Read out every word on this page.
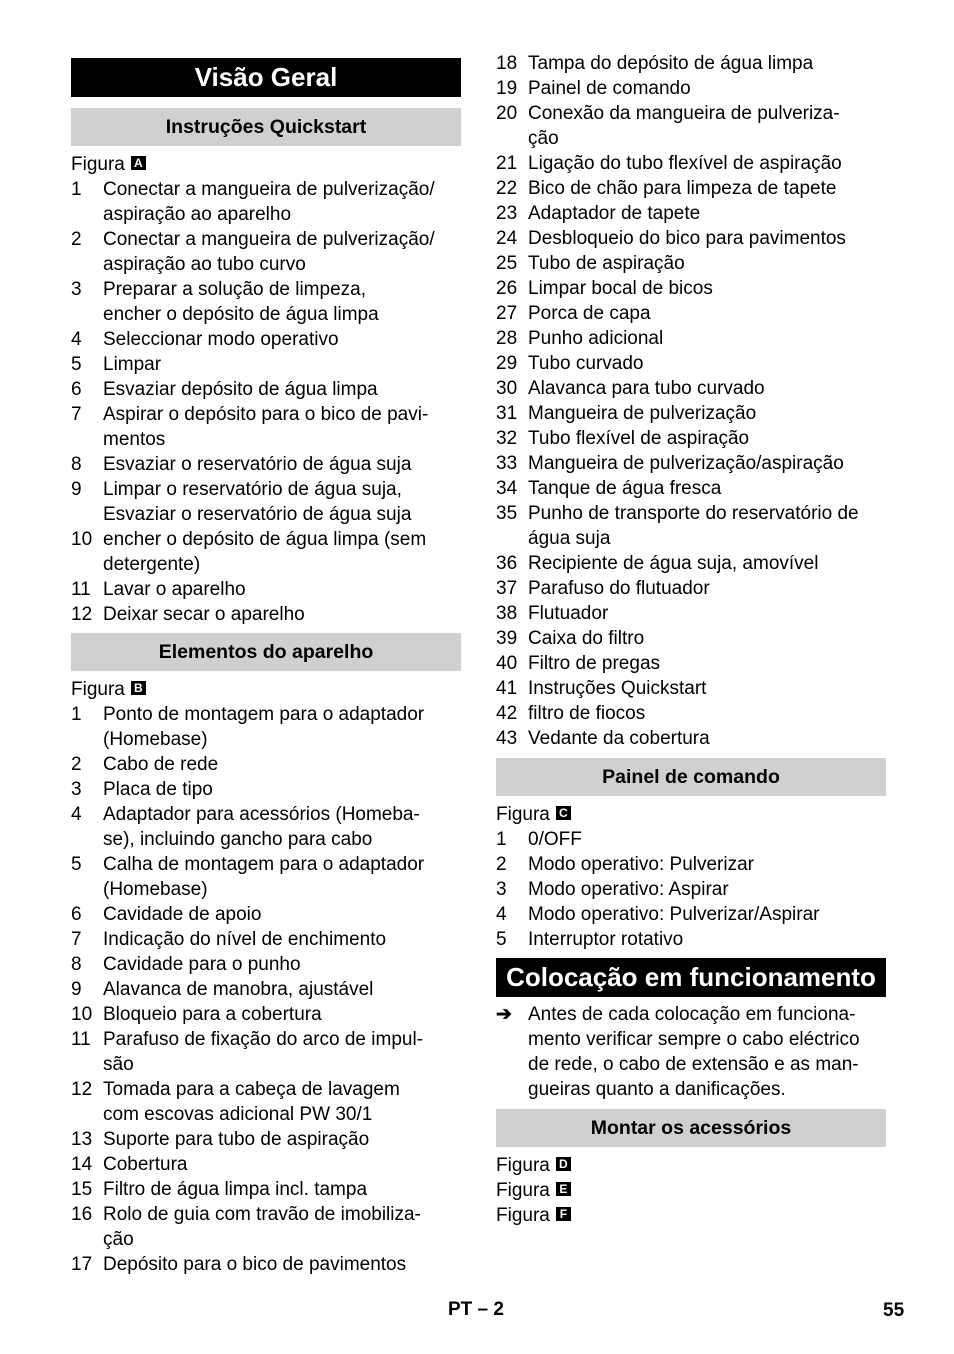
Visão Geral
Instruções Quickstart
Figura A
1 Conectar a mangueira de pulverização/
aspiração ao aparelho
2 Conectar a mangueira de pulverização/
aspiração ao tubo curvo
3 Preparar a solução de limpeza,
encher o depósito de água limpa
4 Seleccionar modo operativo
5 Limpar
6 Esvaziar depósito de água limpa
7 Aspirar o depósito para o bico de pavi-
mentos
8 Esvaziar o reservatório de água suja
9 Limpar o reservatório de água suja,
Esvaziar o reservatório de água suja
10 encher o depósito de água limpa (sem
detergente)
11 Lavar o aparelho
12 Deixar secar o aparelho
Elementos do aparelho
Figura B
1 Ponto de montagem para o adaptador
(Homebase)
2 Cabo de rede
3 Placa de tipo
4 Adaptador para acessórios (Homeba-
se), incluindo gancho para cabo
5 Calha de montagem para o adaptador
(Homebase)
6 Cavidade de apoio
7 Indicação do nível de enchimento
8 Cavidade para o punho
9 Alavanca de manobra, ajustável
10 Bloqueio para a cobertura
11 Parafuso de fixação do arco de impul-
são
12 Tomada para a cabeça de lavagem
com escovas adicional PW 30/1
13 Suporte para tubo de aspiração
14 Cobertura
15 Filtro de água limpa incl. tampa
16 Rolo de guia com travão de imobiliza-
ção
17 Depósito para o bico de pavimentos
18 Tampa do depósito de água limpa
19 Painel de comando
20 Conexão da mangueira de pulveriza-
ção
21 Ligação do tubo flexível de aspiração
22 Bico de chão para limpeza de tapete
23 Adaptador de tapete
24 Desbloqueio do bico para pavimentos
25 Tubo de aspiração
26 Limpar bocal de bicos
27 Porca de capa
28 Punho adicional
29 Tubo curvado
30 Alavanca para tubo curvado
31 Mangueira de pulverização
32 Tubo flexível de aspiração
33 Mangueira de pulverização/aspiração
34 Tanque de água fresca
35 Punho de transporte do reservatório de
água suja
36 Recipiente de água suja, amovível
37 Parafuso do flutuador
38 Flutuador
39 Caixa do filtro
40 Filtro de pregas
41 Instruções Quickstart
42 filtro de fiocos
43 Vedante da cobertura
Painel de comando
Figura C
1 0/OFF
2 Modo operativo: Pulverizar
3 Modo operativo: Aspirar
4 Modo operativo: Pulverizar/Aspirar
5 Interruptor rotativo
Colocação em funcionamento
➔ Antes de cada colocação em funciona-
mento verificar sempre o cabo eléctrico
de rede, o cabo de extensão e as man-
gueiras quanto a danificações.
Montar os acessórios
Figura D
Figura E
Figura F
PT – 2	55
